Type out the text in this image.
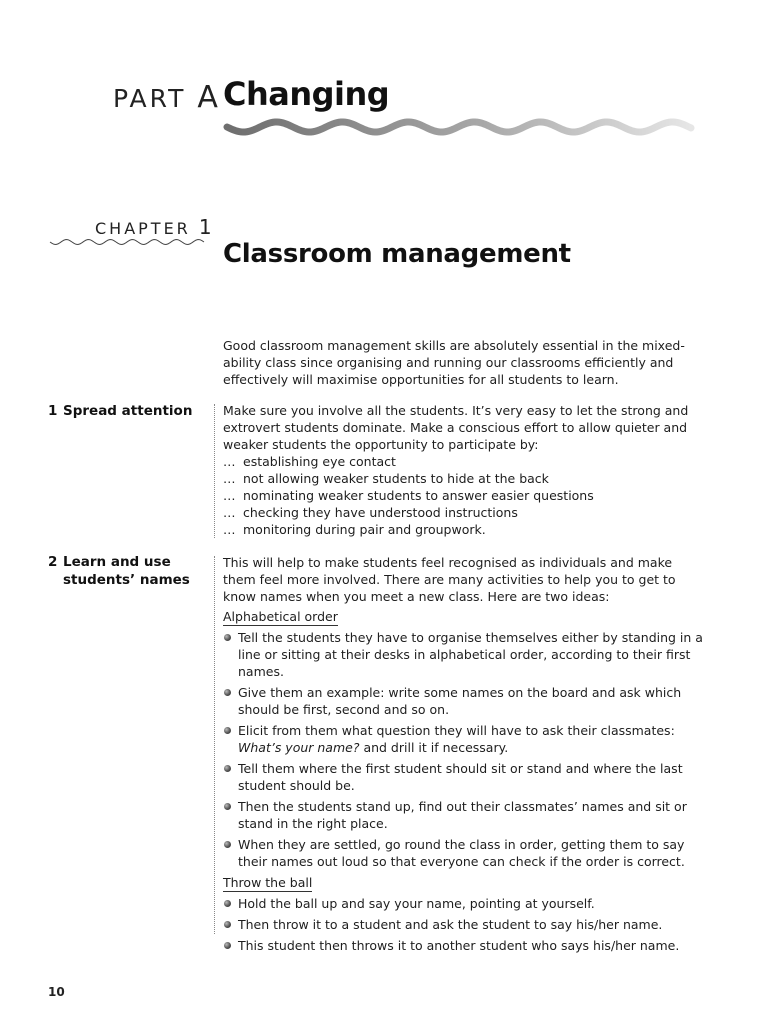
PART A Changing
CHAPTER 1
Classroom management
Good classroom management skills are absolutely essential in the mixed-ability class since organising and running our classrooms efficiently and effectively will maximise opportunities for all students to learn.
1 Spread attention Make sure you involve all the students. It’s very easy to let the strong and extrovert students dominate. Make a conscious effort to allow quieter and weaker students the opportunity to participate by:
… establishing eye contact
… not allowing weaker students to hide at the back
… nominating weaker students to answer easier questions
… checking they have understood instructions
… monitoring during pair and groupwork.
2 Learn and use
students’ names
This will help to make students feel recognised as individuals and make them feel more involved. There are many activities to help you to get to know names when you meet a new class. Here are two ideas:
Alphabetical order
Tell the students they have to organise themselves either by standing in a line or sitting at their desks in alphabetical order, according to their first names.
Give them an example: write some names on the board and ask which should be first, second and so on.
Elicit from them what question they will have to ask their classmates: What’s your name? and drill it if necessary.
Tell them where the first student should sit or stand and where the last student should be.
Then the students stand up, find out their classmates’ names and sit or stand in the right place.
When they are settled, go round the class in order, getting them to say their names out loud so that everyone can check if the order is correct.
Throw the ball
Hold the ball up and say your name, pointing at yourself.
Then throw it to a student and ask the student to say his/her name.
This student then throws it to another student who says his/her name.
10
